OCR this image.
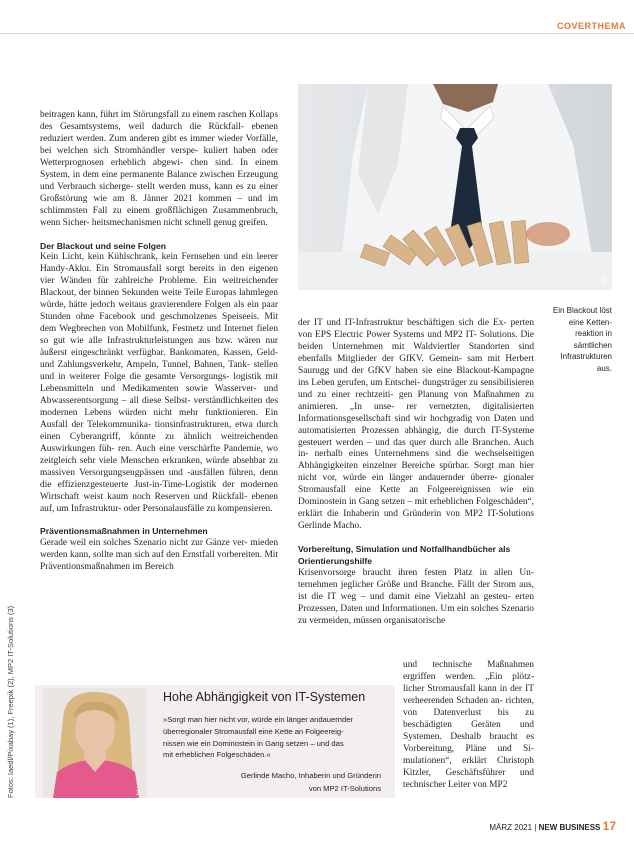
COVERTHEMA
2
Ein Blackout löst
eine Ketten-
reaktion in
sämtlichen
Infrastrukturen
aus.

beitragen kann, führt im Störungsfall zu einem raschen Kollaps des Gesamtsystems, weil dadurch die Rückfall- ebenen reduziert werden. Zum anderen gibt es immer wieder Vorfälle, bei welchen sich Stromhändler verspe- kuliert haben oder Wetterprognosen erheblich abgewi- chen sind. In einem System, in dem eine permanente Balance zwischen Erzeugung und Verbrauch sicherge- stellt werden muss, kann es zu einer Großstörung wie am 8. Jänner 2021 kommen – und im schlimmsten Fall zu einem großflächigen Zusammenbruch, wenn Sicher- heitsmechanismen nicht schnell genug greifen.

Der Blackout und seine Folgen

Kein Licht, kein Kühlschrank, kein Fernsehen und ein leerer Handy-Akku. Ein Stromausfall sorgt bereits in den eigenen vier Wänden für zahlreiche Probleme. Ein weitreichender Blackout, der binnen Sekunden weite Teile Europas lahmlegen würde, hätte jedoch weitaus gravierendere Folgen als ein paar Stunden ohne Facebook und geschmolzenes Speiseeis. Mit dem Wegbrechen von Mobilfunk, Festnetz und Internet fielen so gut wie alle Infrastrukturleistungen aus bzw. wären nur äußerst eingeschränkt verfügbar. Bankomaten, Kassen, Geld- und Zahlungsverkehr, Ampeln, Tunnel, Bahnen, Tank- stellen und in weiterer Folge die gesamte Versorgungs- logistik mit Lebensmitteln und Medikamenten sowie Wasserver- und Abwasserentsorgung – all diese Selbst- verständlichkeiten des modernen Lebens würden nicht mehr funktionieren. Ein Ausfall der Telekommunika- tionsinfrastrukturen, etwa durch einen Cyberangriff, könnte zu ähnlich weitreichenden Auswirkungen füh- ren. Auch eine verschärfte Pandemie, wo zeitgleich sehr viele Menschen erkranken, würde absehbar zu massiven Versorgungsengpässen und -ausfällen führen, denn die effizienzgesteuerte Just-in-Time-Logistik der modernen Wirtschaft weist kaum noch Reserven und Rückfall- ebenen auf, um Infrastruktur- oder Personalausfälle zu kompensieren.

Präventionsmaßnahmen in Unternehmen

Gerade weil ein solches Szenario nicht zur Gänze ver- mieden werden kann, sollte man sich auf den Ernstfall vorbereiten. Mit Präventionsmaßnahmen im Bereich

der IT und IT-Infrastruktur beschäftigen sich die Ex- perten von EPS Electric Power Systems und MP2 IT- Solutions. Die beiden Unternehmen mit Waldviertler Standorten sind ebenfalls Mitglieder der GfKV. Gemein- sam mit Herbert Saurugg und der GfKV haben sie eine Blackout-Kampagne ins Leben gerufen, um Entschei- dungsträger zu sensibilisieren und zu einer rechtzeiti- gen Planung von Maßnahmen zu animieren. „In unse- rer vernetzten, digitalisierten Informationsgesellschaft sind wir hochgradig von Daten und automatisierten Prozessen abhängig, die durch IT-Systeme gesteuert werden – und das quer durch alle Branchen. Auch in- nerhalb eines Unternehmens sind die wechselseitigen Abhängigkeiten einzelner Bereiche spürbar. Sorgt man hier nicht vor, würde ein länger andauernder überre- gionaler Stromausfall eine Kette an Folgeereignissen wie ein Dominostein in Gang setzen – mit erheblichen Folgeschäden“, erklärt die Inhaberin und Gründerin von MP2 IT-Solutions Gerlinde Macho.

Vorbereitung, Simulation und Notfallhandbücher als
Orientierungshilfe

Krisenvorsorge braucht ihren festen Platz in allen Un- ternehmen jeglicher Größe und Branche. Fällt der Strom aus, ist die IT weg – und damit eine Vielzahl an gesteu- erten Prozessen, Daten und Informationen. Um ein solches Szenario zu vermeiden, müssen organisatorische

und technische Maßnahmen ergriffen werden. „Ein plötz- licher Stromausfall kann in der IT verheerenden Schaden an- richten, von Datenverlust bis zu beschädigten Geräten und Systemen. Deshalb braucht es Vorbereitung, Pläne und Si- mulationen“, erklärt Christoph Kitzler, Geschäftsführer und technischer Leiter von MP2

Fotos: Iaedl/Pixabay (1), Freepik (2), MP2 IT-Solutions (3)	3
Hohe Abhängigkeit von IT-Systemen
»Sorgt man hier nicht vor, würde ein länger andauernder
überregionaler Stromausfall eine Kette an Folgeereig-
nissen wie ein Dominostein in Gang setzen – und das
mit erheblichen Folgeschäden.«
Gerlinde Macho, Inhaberin und Gründerin
von MP2 IT-Solutions
MÄRZ 2021 | NEW BUSINESS 17
